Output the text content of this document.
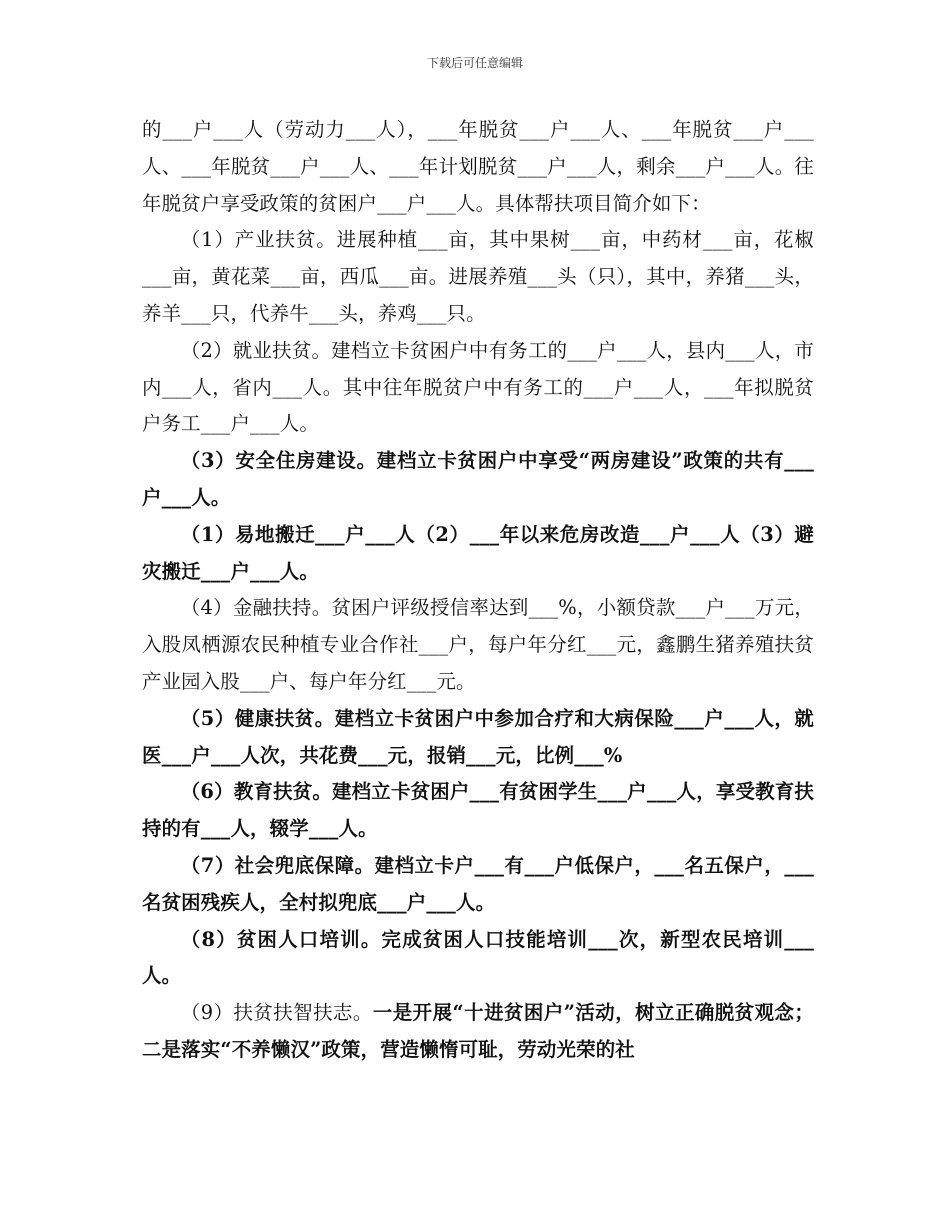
下载后可任意编辑

的___户___人（劳动力___人），___年脱贫___户___人、___年脱贫___户___人、___年脱贫___户___人、___年计划脱贫___户___人，剩余___户___人。往年脱贫户享受政策的贫困户___户___人。具体帮扶项目简介如下：

（1）产业扶贫。进展种植___亩，其中果树___亩，中药材___亩，花椒___亩，黄花菜___亩，西瓜___亩。进展养殖___头（只），其中，养猪___头，养羊___只，代养牛___头，养鸡___只。

（2）就业扶贫。建档立卡贫困户中有务工的___户___人，县内___人，市内___人，省内___人。其中往年脱贫户中有务工的___户___人，___年拟脱贫户务工___户___人。

（3）安全住房建设。建档立卡贫困户中享受“两房建设”政策的共有___户___人。

（1）易地搬迁___户___人（2）___年以来危房改造___户___人（3）避灾搬迁___户___人。

（4）金融扶持。贫困户评级授信率达到___%，小额贷款___户___万元，入股凤栖源农民种植专业合作社___户，每户年分红___元，鑫鹏生猪养殖扶贫产业园入股___户、每户年分红___元。

（5）健康扶贫。建档立卡贫困户中参加合疗和大病保险___户___人，就医___户___人次，共花费___元，报销___元，比例___%

（6）教育扶贫。建档立卡贫困户___有贫困学生___户___人，享受教育扶持的有___人，辍学___人。

（7）社会兜底保障。建档立卡户___有___户低保户，___名五保户，___名贫困残疾人，全村拟兜底___户___人。

（8）贫困人口培训。完成贫困人口技能培训___次，新型农民培训___人。

（9）扶贫扶智扶志。一是开展“十进贫困户”活动，树立正确脱贫观念；二是落实“不养懒汉”政策，营造懒惰可耻，劳动光荣的社
